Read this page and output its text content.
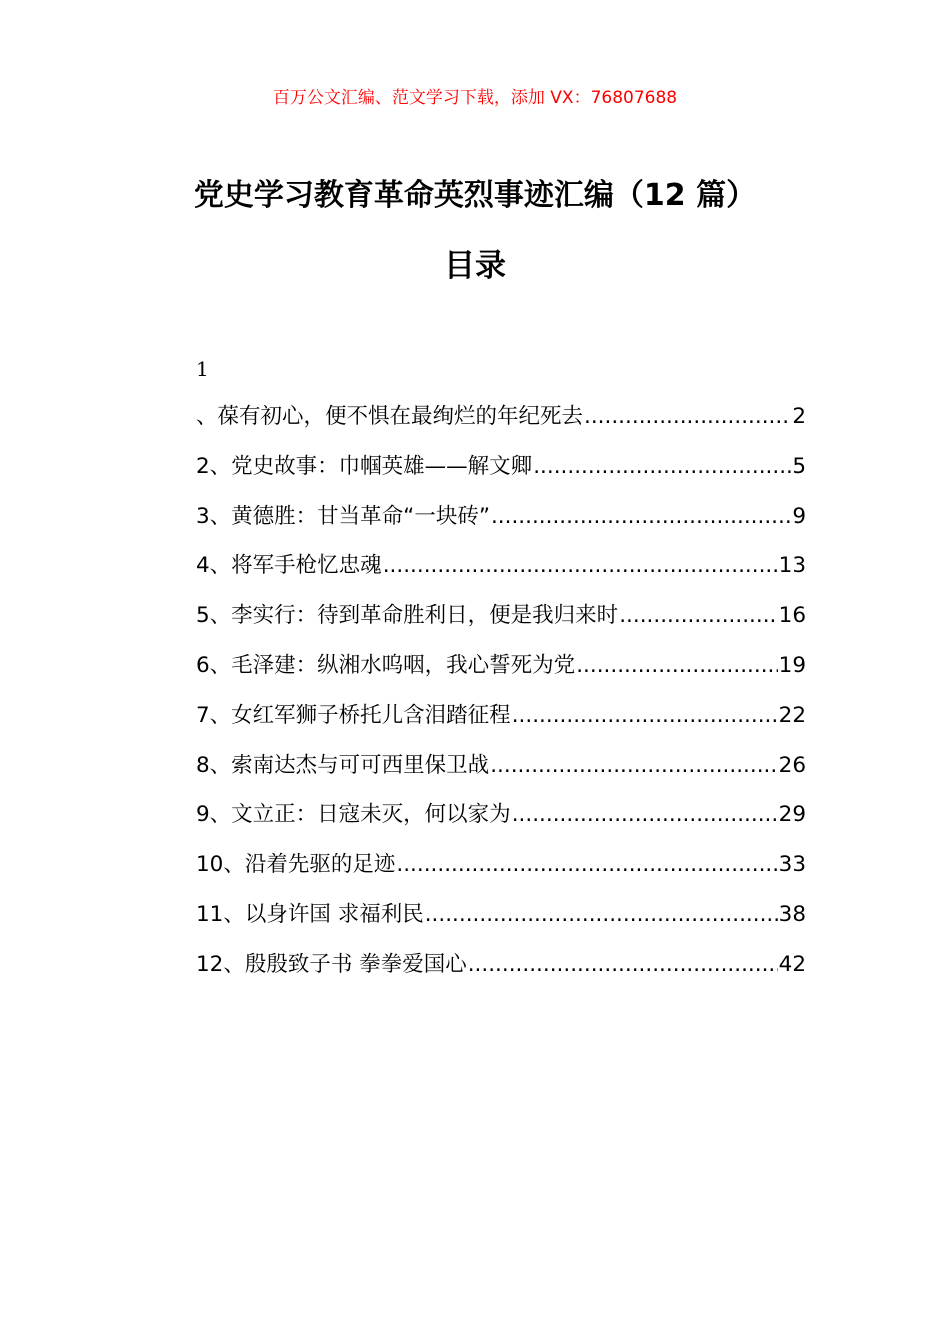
百万公文汇编、范文学习下载，添加 VX：76807688
党史学习教育革命英烈事迹汇编（12 篇）
目录
1
、葆有初心，便不惧在最绚烂的年纪死去 .....	2
2、党史故事：巾帼英雄——解文卿 .....	5
3、黄德胜：甘当革命“一块砖” .....	9
4、将军手枪忆忠魂 .....	13
5、李实行：待到革命胜利日，便是我归来时 .....	16
6、毛泽建：纵湘水呜咽，我心誓死为党 .....	19
7、女红军狮子桥托儿含泪踏征程 .....	22
8、索南达杰与可可西里保卫战 .....	26
9、文立正：日寇未灭，何以家为 .....	29
10、沿着先驱的足迹 .....	33
11、以身许国 求福利民 .....	38
12、殷殷致子书 拳拳爱国心 .....	42
